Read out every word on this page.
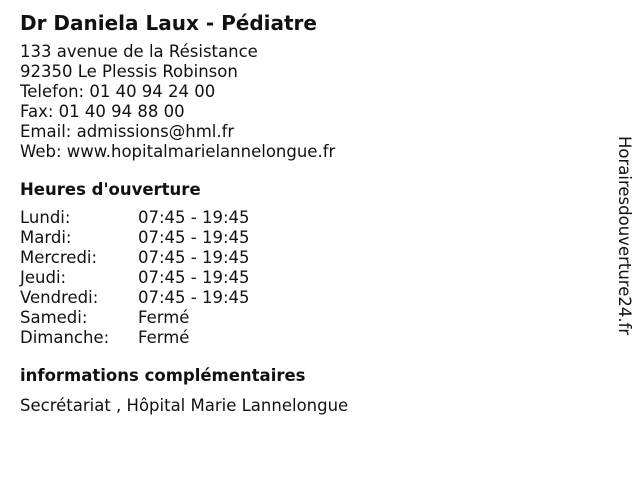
Dr Daniela Laux - Pédiatre
133 avenue de la Résistance
92350 Le Plessis Robinson
Telefon: 01 40 94 24 00
Fax: 01 40 94 88 00
Email: admissions@hml.fr
Web: www.hopitalmarielannelongue.fr
Heures d'ouverture
Lundi:	07:45 - 19:45
Mardi:	07:45 - 19:45
Mercredi:	07:45 - 19:45
Jeudi:	07:45 - 19:45
Vendredi:	07:45 - 19:45
Samedi:	Fermé
Dimanche:	Fermé
informations complémentaires
Secrétariat , Hôpital Marie Lannelongue
Horairesdouverture24.fr
